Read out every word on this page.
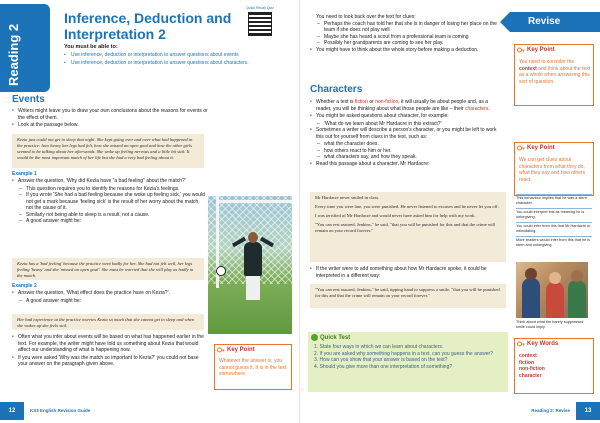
Reading 2
Inference, Deduction and
Interpretation 2
Quick Recall Quiz
You must be able to:
• Use inference, deduction or interpretation to answer questions about events
• Use inference, deduction or interpretation to answer questions about characters.
Events
• Writers might leave you to draw your own conclusions about the reasons for events or the effect of them.
• Look at the passage below.
Kezia just could not get to sleep that night. She kept going over and over what had happened in the practice: how heavy her legs had felt, how she missed an open goal and how the other girls seemed to be talking about her afterwards. She woke up feeling nervous and a little bit sick. It would be the most important match of her life but she had a very bad feeling about it.
Example 1
• Answer the question, 'Why did Kezia have "a bad feeling" about the match?'
– This question requires you to identify the reasons for Kezia's feelings.
– If you wrote 'She had a bad feeling because she woke up feeling sick,' you would not get a mark because 'feeling sick' is the result of her worry about the match, not the cause of it.
– Similarly not being able to sleep is a result, not a cause.
– A good answer might be:
Kezia has a 'bad feeling' because the practice went badly for her. She had not felt well, her legs feeling 'heavy' and she 'missed an open goal'. She must be worried that she will play as badly in the match.
Example 2
• Answer the question, 'What effect does the practice have on Kezia?'.
– A good answer might be:
Her bad experience at the practice worries Kezia so much that she cannot get to sleep and when she wakes up she feels sick.
• Often what you infer about events will be based on what has happened earlier in the text. For example, the writer might have told us something about Kezia that would affect our understanding of what is happening now.
• If you were asked 'Why was the match so important to Kezia?' you could not base your answer on the paragraph given above.
Key Point
Whatever the answer is, you cannot guess it. It is in the text somewhere.
12	KS3 English Revision Guide
Revise
You need to look back over the text for clues:
– Perhaps the coach has told her that she is in danger of losing her place on the team if she does not play well
– Maybe she has heard a scout from a professional team is coming
– Possibly her grandparents are coming to see her play.
• You might have to think about the whole story before making a deduction.
Characters
• Whether a text is fiction or non-fiction, it will usually be about people and, as a reader, you will be thinking about what those people are like – their characters.
• You might be asked questions about character, for example:
– 'What do we learn about Mr Hardacre in this extract?'
• Sometimes a writer will describe a person's character, or you might be left to work this out for yourself from clues in the text, such as:
– what the character does.
– how others react to him or her.
– what characters say, and how they speak.
• Read this passage about a character, Mr Hardacre:
Mr Hardacre never smiled in class.
Every time you were late, you were punished. He never listened to excuses and he never let you off.
I was terrified of Mr Hardacre and would never have asked him for help with my work.
"You can rest assured, Jenkins," he said, "that you will be punished for this and that the crime will remain on your record forever."
• If the writer were to add something about how Mr Hardacre spoke, it could be interpreted in a different way:
"You can rest assured, Jenkins," he said, tipping hand to suppress a smile, "that you will be punished for this and that the crime will remain on your record forever."
Quick Test
1. State four ways in which we can learn about characters.
2. If you are asked why something happens in a text, can you guess the answer?
3. How can you show that your answer is based on the text?
4. Should you give more than one interpretation of something?
Key Point
You need to consider the context and think about the text as a whole when answering this sort of question.
Key Point
We can get clues about characters from what they do, what they say and how others react.
This behaviour implies that he was a stern character.
You could interpret this as meaning he is unforgiving.
You could infer from this that Mr Hardacre is intimidating.
More readers would infer from this that he is stern and unforgiving.
Think about what the barely suppressed smile could imply.
Key Words
context
fiction
non-fiction
character
Reading 2: Revise	13
